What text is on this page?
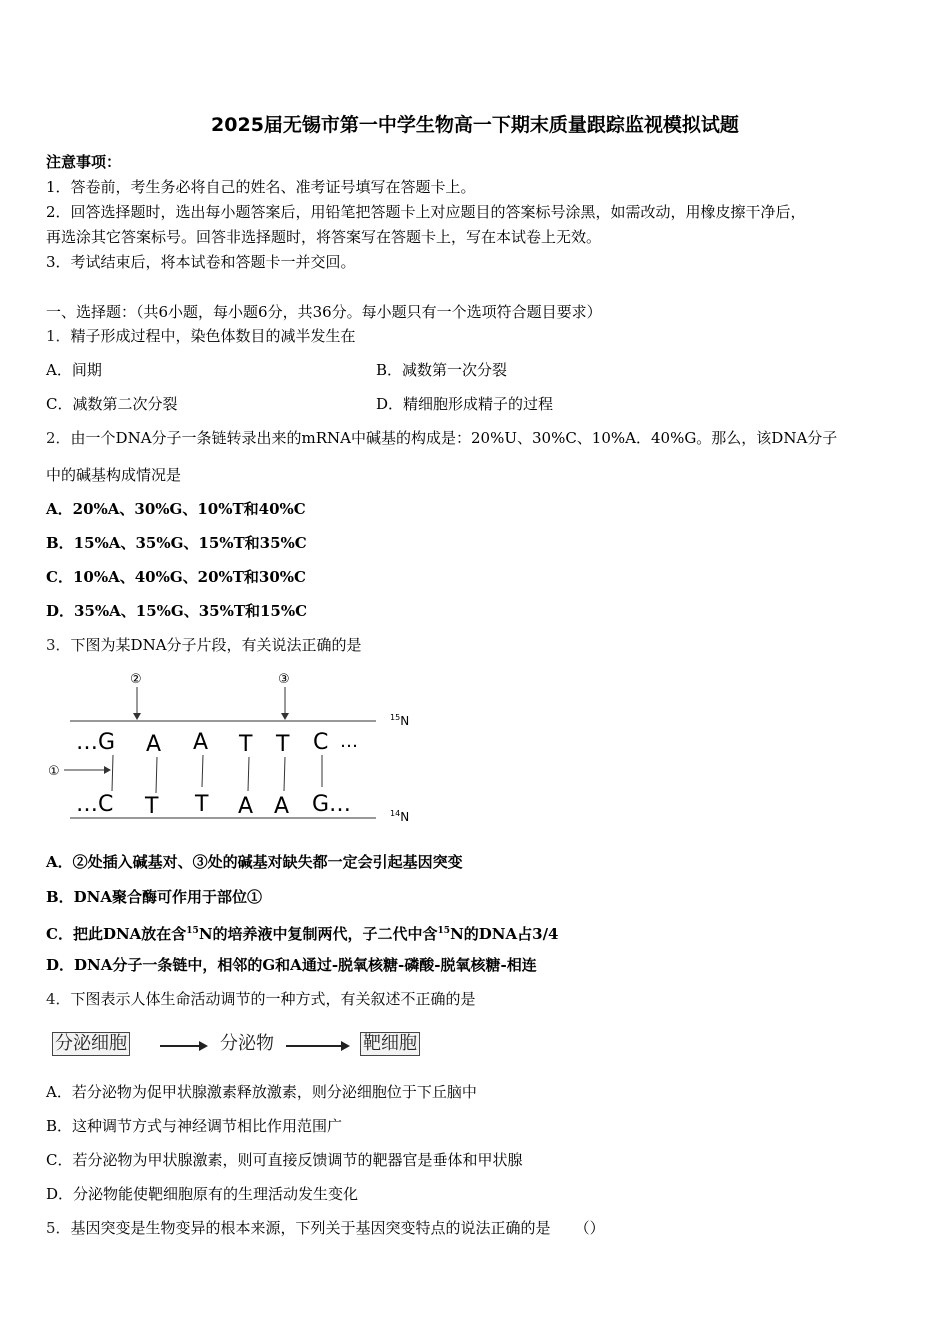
2025届无锡市第一中学生物高一下期末质量跟踪监视模拟试题
注意事项：
1．答卷前，考生务必将自己的姓名、准考证号填写在答题卡上。
2．回答选择题时，选出每小题答案后，用铅笔把答题卡上对应题目的答案标号涂黑，如需改动，用橡皮擦干净后，
再选涂其它答案标号。回答非选择题时，将答案写在答题卡上，写在本试卷上无效。
3．考试结束后，将本试卷和答题卡一并交回。
一、选择题：（共6小题，每小题6分，共36分。每小题只有一个选项符合题目要求）
1．精子形成过程中，染色体数目的减半发生在
A．间期	B．减数第一次分裂
C．减数第二次分裂	D．精细胞形成精子的过程
2．由一个DNA分子一条链转录出来的mRNA中碱基的构成是：20%U、30%C、10%A．40%G。那么，该DNA分子
中的碱基构成情况是
A．20%A、30%G、10%T和40%C
B．15%A、35%G、15%T和35%C
C．10%A、40%G、20%T和30%C
D．35%A、15%G、35%T和15%C
3．下图为某DNA分子片段，有关说法正确的是
②	③
$^{15}$N
…G A A T T C …
①
…C T T A A G…	$^{14}$N
A．②处插入碱基对、③处的碱基对缺失都一定会引起基因突变
B．DNA聚合酶可作用于部位①
C．把此DNA放在含$^{15}$N的培养液中复制两代，子二代中含$^{15}$N的DNA占3/4
D．DNA分子一条链中，相邻的G和A通过-脱氧核糖-磷酸-脱氧核糖-相连
4．下图表示人体生命活动调节的一种方式，有关叙述不正确的是
分泌细胞	分泌物	靶细胞
A．若分泌物为促甲状腺激素释放激素，则分泌细胞位于下丘脑中
B．这种调节方式与神经调节相比作用范围广
C．若分泌物为甲状腺激素，则可直接反馈调节的靶器官是垂体和甲状腺
D．分泌物能使靶细胞原有的生理活动发生变化
5．基因突变是生物变异的根本来源，下列关于基因突变特点的说法正确的是 （）
